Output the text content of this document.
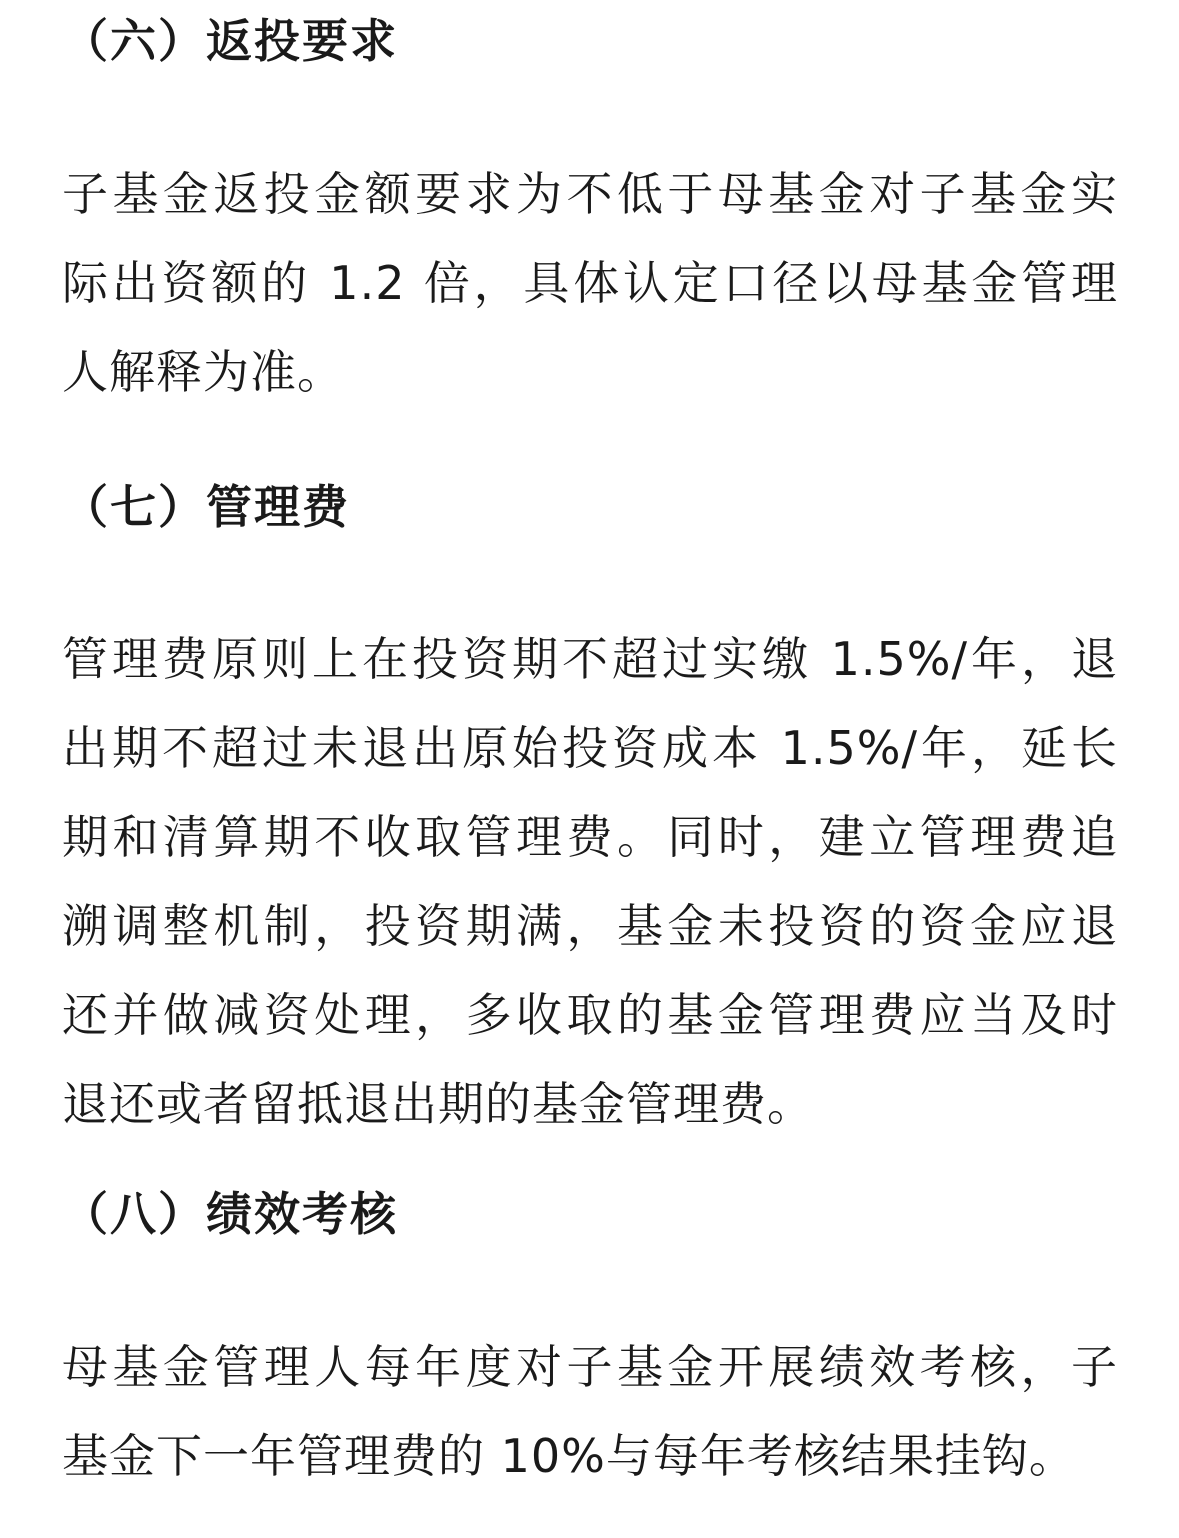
（六）返投要求

子基金返投金额要求为不低于母基金对子基金实
际出资额的 1.2 倍，具体认定口径以母基金管理
人解释为准。

（七）管理费

管理费原则上在投资期不超过实缴 1.5%/年，退
出期不超过未退出原始投资成本 1.5%/年，延长
期和清算期不收取管理费。同时，建立管理费追
溯调整机制，投资期满，基金未投资的资金应退
还并做减资处理，多收取的基金管理费应当及时
退还或者留抵退出期的基金管理费。

（八）绩效考核

母基金管理人每年度对子基金开展绩效考核，子
基金下一年管理费的 10%与每年考核结果挂钩。
